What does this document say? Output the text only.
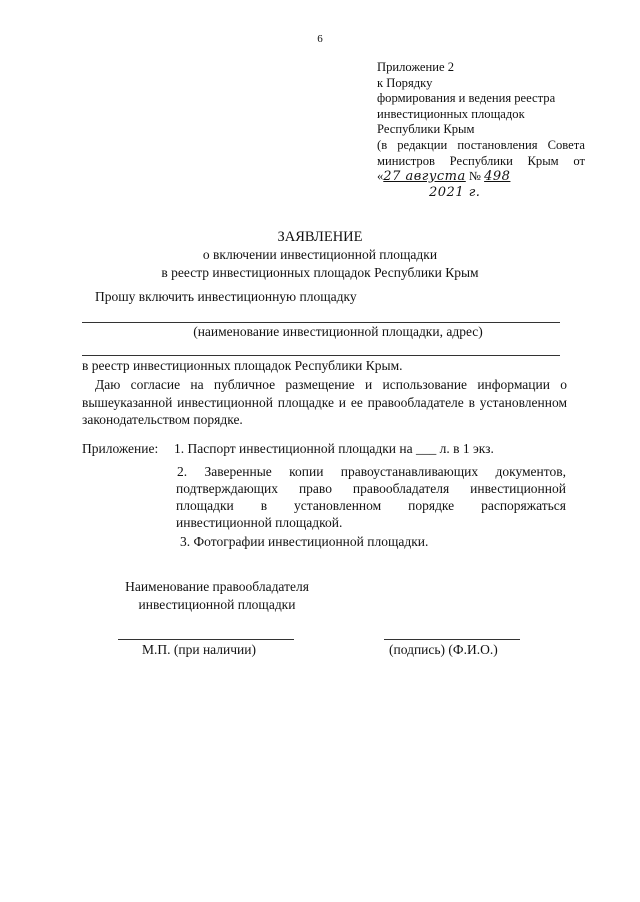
6
Приложение 2
к Порядку
формирования и ведения реестра
инвестиционных площадок
Республики Крым
(в редакции постановления Совета
министров Республики Крым от
«27 августа № 498
2021 г.
ЗАЯВЛЕНИЕ
о включении инвестиционной площадки
в реестр инвестиционных площадок Республики Крым
Прошу включить инвестиционную площадку
(наименование инвестиционной площадки, адрес)
в реестр инвестиционных площадок Республики Крым.
Даю согласие на публичное размещение и использование информации о вышеуказанной инвестиционной площадке и ее правообладателе в установленном законодательством порядке.
Приложение: 1. Паспорт инвестиционной площадки на ___ л. в 1 экз.
2. Заверенные копии правоустанавливающих документов, подтверждающих право правообладателя инвестиционной площадки в установленном порядке распоряжаться инвестиционной площадкой.
3. Фотографии инвестиционной площадки.
Наименование правообладателя
инвестиционной площадки
М.П. (при наличии)	(подпись) (Ф.И.О.)
